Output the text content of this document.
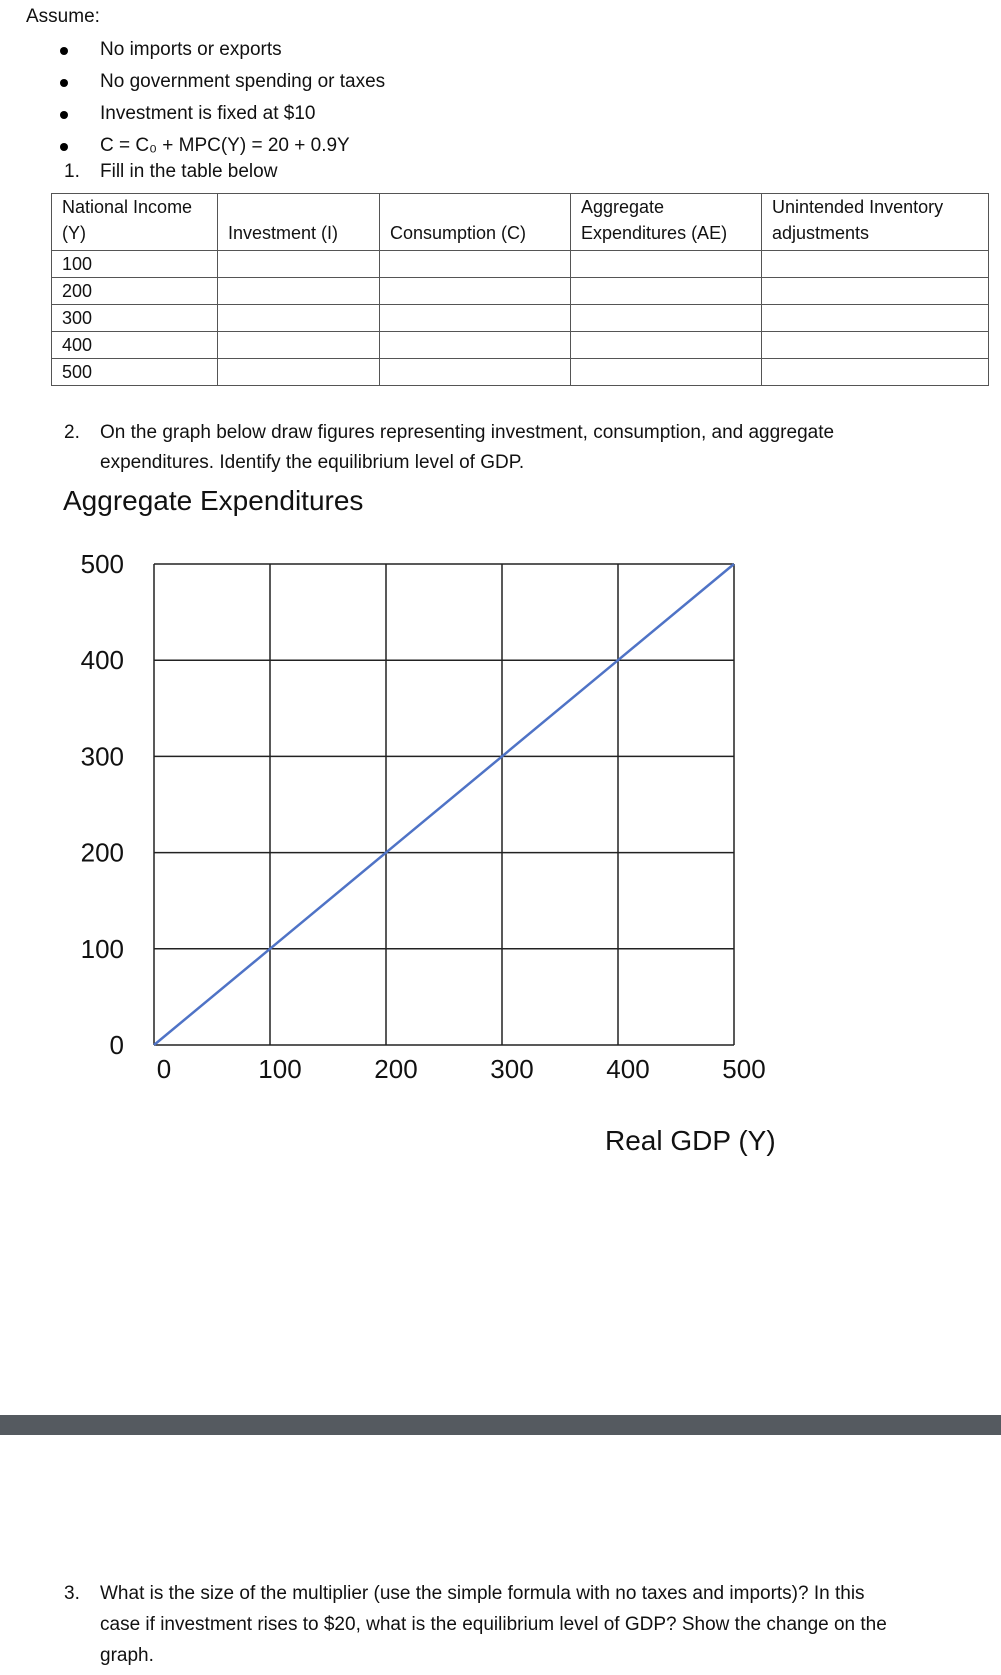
Assume:
No imports or exports
No government spending or taxes
Investment is fixed at $10
C = C₀ + MPC(Y) = 20 + 0.9Y
1. Fill in the table below
National Income (Y)	Investment (I)	Consumption (C)	Aggregate Expenditures (AE)	Unintended Inventory adjustments
100				
200				
300				
400				
500				
2. On the graph below draw figures representing investment, consumption, and aggregate
expenditures. Identify the equilibrium level of GDP.
Aggregate Expenditures
0
100
200
300
400
500
0	100	200	300	400	500
Real GDP (Y)
3. What is the size of the multiplier (use the simple formula with no taxes and imports)? In this
case if investment rises to $20, what is the equilibrium level of GDP? Show the change on the
graph.
